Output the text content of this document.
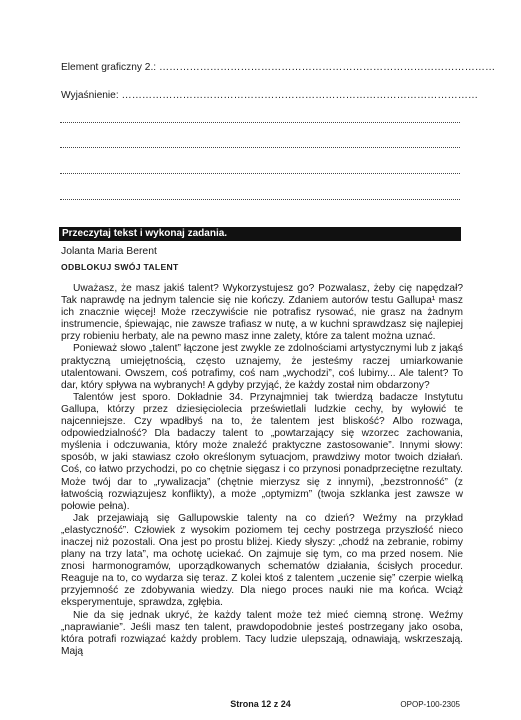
Element graficzny 2.: ………………………………………………………………………………………
Wyjaśnienie: ……………………………………………………………………………………………
Przeczytaj tekst i wykonaj zadania.
Jolanta Maria Berent
ODBLOKUJ SWÓJ TALENT

Uważasz, że masz jakiś talent? Wykorzystujesz go? Pozwalasz, żeby cię napędzał? Tak naprawdę na jednym talencie się nie kończy. Zdaniem autorów testu Gallupa¹ masz ich znacznie więcej! Może rzeczywiście nie potrafisz rysować, nie grasz na żadnym instrumencie, śpiewając, nie zawsze trafiasz w nutę, a w kuchni sprawdzasz się najlepiej przy robieniu herbaty, ale na pewno masz inne zalety, które za talent można uznać.

Ponieważ słowo „talent” łączone jest zwykle ze zdolnościami artystycznymi lub z jakąś praktyczną umiejętnością, często uznajemy, że jesteśmy raczej umiarkowanie utalentowani. Owszem, coś potrafimy, coś nam „wychodzi”, coś lubimy... Ale talent? To dar, który spływa na wybranych! A gdyby przyjąć, że każdy został nim obdarzony?

Talentów jest sporo. Dokładnie 34. Przynajmniej tak twierdzą badacze Instytutu Gallupa, którzy przez dziesięciolecia prześwietlali ludzkie cechy, by wyłowić te najcenniejsze. Czy wpadłbyś na to, że talentem jest bliskość? Albo rozwaga, odpowiedzialność? Dla badaczy talent to „powtarzający się wzorzec zachowania, myślenia i odczuwania, który może znaleźć praktyczne zastosowanie”. Innymi słowy: sposób, w jaki stawiasz czoło określonym sytuacjom, prawdziwy motor twoich działań. Coś, co łatwo przychodzi, po co chętnie sięgasz i co przynosi ponadprzeciętne rezultaty. Może twój dar to „rywalizacja” (chętnie mierzysz się z innymi), „bezstronność” (z łatwością rozwiązujesz konflikty), a może „optymizm” (twoja szklanka jest zawsze w połowie pełna).

Jak przejawiają się Gallupowskie talenty na co dzień? Weźmy na przykład „elastyczność”. Człowiek z wysokim poziomem tej cechy postrzega przyszłość nieco inaczej niż pozostali. Ona jest po prostu bliżej. Kiedy słyszy: „chodź na zebranie, robimy plany na trzy lata”, ma ochotę uciekać. On zajmuje się tym, co ma przed nosem. Nie znosi harmonogramów, uporządkowanych schematów działania, ścisłych procedur. Reaguje na to, co wydarza się teraz. Z kolei ktoś z talentem „uczenie się” czerpie wielką przyjemność ze zdobywania wiedzy. Dla niego proces nauki nie ma końca. Wciąż eksperymentuje, sprawdza, zgłębia.

Nie da się jednak ukryć, że każdy talent może też mieć ciemną stronę. Weźmy „naprawianie”. Jeśli masz ten talent, prawdopodobnie jesteś postrzegany jako osoba, która potrafi rozwiązać każdy problem. Tacy ludzie ulepszają, odnawiają, wskrzeszają. Mają

Strona 12 z 24	OPOP-100-2305
